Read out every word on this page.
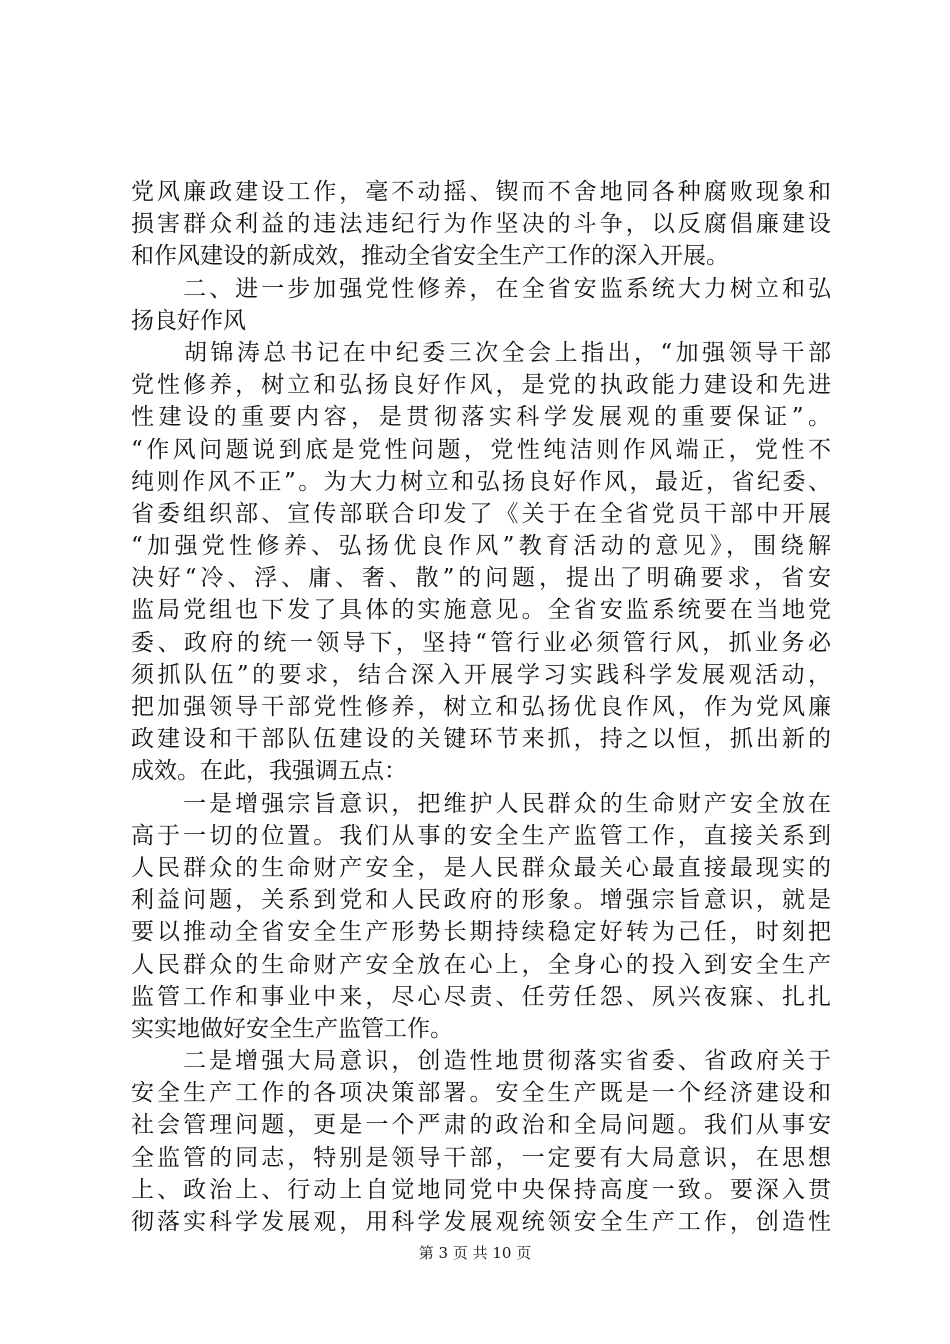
党风廉政建设工作，毫不动摇、锲而不舍地同各种腐败现象和
损害群众利益的违法违纪行为作坚决的斗争，以反腐倡廉建设
和作风建设的新成效，推动全省安全生产工作的深入开展。
　　二、进一步加强党性修养，在全省安监系统大力树立和弘
扬良好作风
　　胡锦涛总书记在中纪委三次全会上指出，“加强领导干部
党性修养，树立和弘扬良好作风，是党的执政能力建设和先进
性建设的重要内容，是贯彻落实科学发展观的重要保证”。
“作风问题说到底是党性问题，党性纯洁则作风端正，党性不
纯则作风不正”。为大力树立和弘扬良好作风，最近，省纪委、
省委组织部、宣传部联合印发了《关于在全省党员干部中开展
“加强党性修养、弘扬优良作风”教育活动的意见》，围绕解
决好“冷、浮、庸、奢、散”的问题，提出了明确要求，省安
监局党组也下发了具体的实施意见。全省安监系统要在当地党
委、政府的统一领导下，坚持“管行业必须管行风，抓业务必
须抓队伍”的要求，结合深入开展学习实践科学发展观活动，
把加强领导干部党性修养，树立和弘扬优良作风，作为党风廉
政建设和干部队伍建设的关键环节来抓，持之以恒，抓出新的
成效。在此，我强调五点：
　　一是增强宗旨意识，把维护人民群众的生命财产安全放在
高于一切的位置。我们从事的安全生产监管工作，直接关系到
人民群众的生命财产安全，是人民群众最关心最直接最现实的
利益问题，关系到党和人民政府的形象。增强宗旨意识，就是
要以推动全省安全生产形势长期持续稳定好转为己任，时刻把
人民群众的生命财产安全放在心上，全身心的投入到安全生产
监管工作和事业中来，尽心尽责、任劳任怨、夙兴夜寐、扎扎
实实地做好安全生产监管工作。
　　二是增强大局意识，创造性地贯彻落实省委、省政府关于
安全生产工作的各项决策部署。安全生产既是一个经济建设和
社会管理问题，更是一个严肃的政治和全局问题。我们从事安
全监管的同志，特别是领导干部，一定要有大局意识，在思想
上、政治上、行动上自觉地同党中央保持高度一致。要深入贯
彻落实科学发展观，用科学发展观统领安全生产工作，创造性
第 3 页 共 10 页
